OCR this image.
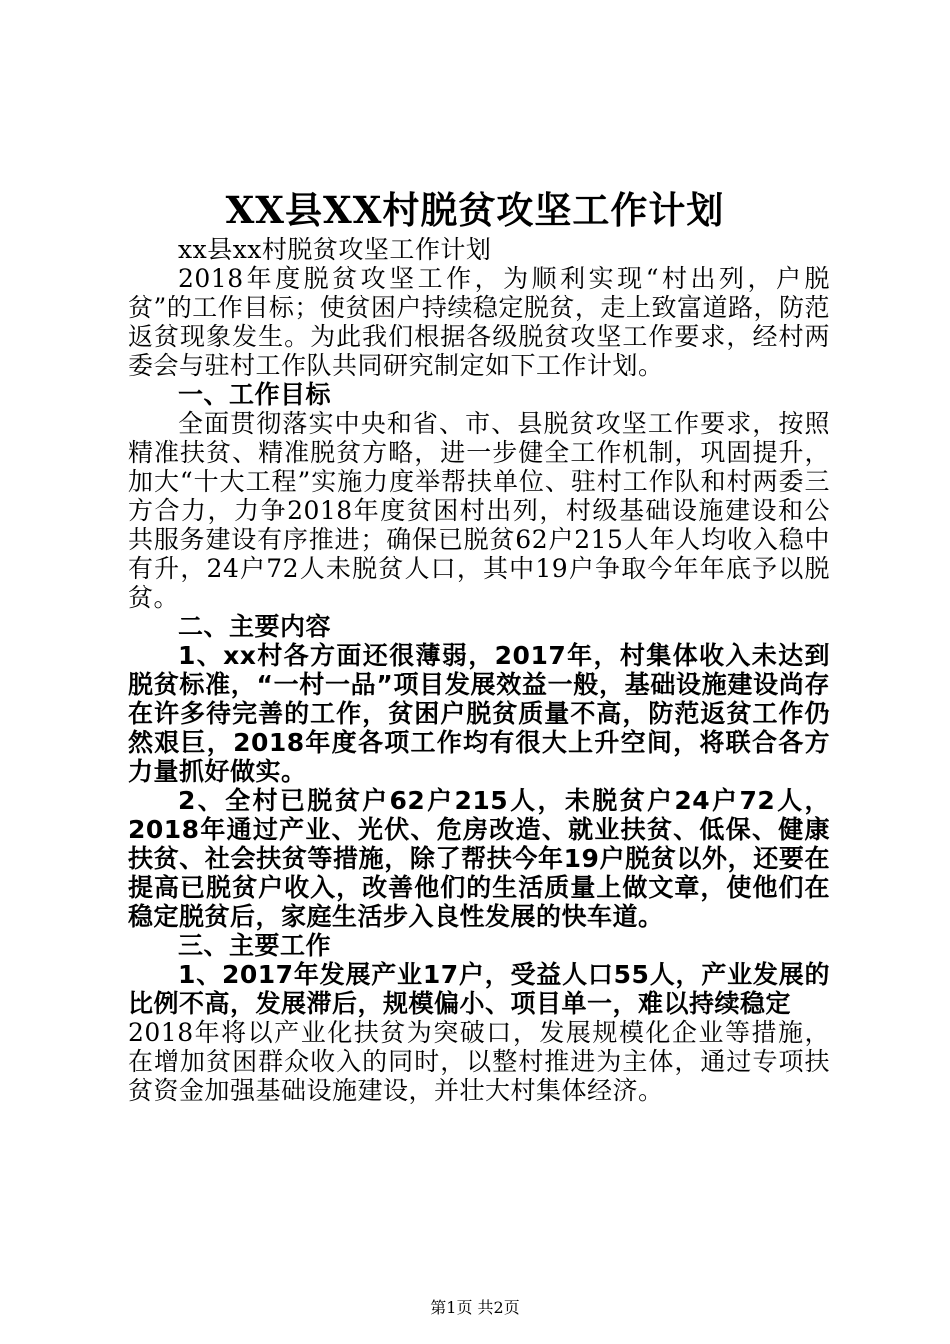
XX县XX村脱贫攻坚工作计划

xx县xx村脱贫攻坚工作计划

2018年度脱贫攻坚工作，为顺利实现“村出列，户脱贫”的工作目标；使贫困户持续稳定脱贫，走上致富道路，防范返贫现象发生。为此我们根据各级脱贫攻坚工作要求，经村两委会与驻村工作队共同研究制定如下工作计划。

一、工作目标

全面贯彻落实中央和省、市、县脱贫攻坚工作要求，按照精准扶贫、精准脱贫方略，进一步健全工作机制，巩固提升，加大“十大工程”实施力度举帮扶单位、驻村工作队和村两委三方合力，力争2018年度贫困村出列，村级基础设施建设和公共服务建设有序推进；确保已脱贫62户215人年人均收入稳中有升，24户72人未脱贫人口，其中19户争取今年年底予以脱贫。

二、主要内容

1、xx村各方面还很薄弱，2017年，村集体收入未达到脱贫标准，“一村一品”项目发展效益一般，基础设施建设尚存在许多待完善的工作，贫困户脱贫质量不高，防范返贫工作仍然艰巨，2018年度各项工作均有很大上升空间，将联合各方力量抓好做实。

2、全村已脱贫户62户215人，未脱贫户24户72人，2018年通过产业、光伏、危房改造、就业扶贫、低保、健康扶贫、社会扶贫等措施，除了帮扶今年19户脱贫以外，还要在提高已脱贫户收入，改善他们的生活质量上做文章，使他们在稳定脱贫后，家庭生活步入良性发展的快车道。

三、主要工作

1、2017年发展产业17户，受益人口55人，产业发展的比例不高，发展滞后，规模偏小、项目单一，难以持续稳定

2018年将以产业化扶贫为突破口，发展规模化企业等措施，在增加贫困群众收入的同时，以整村推进为主体，通过专项扶贫资金加强基础设施建设，并壮大村集体经济。

第1页 共2页
